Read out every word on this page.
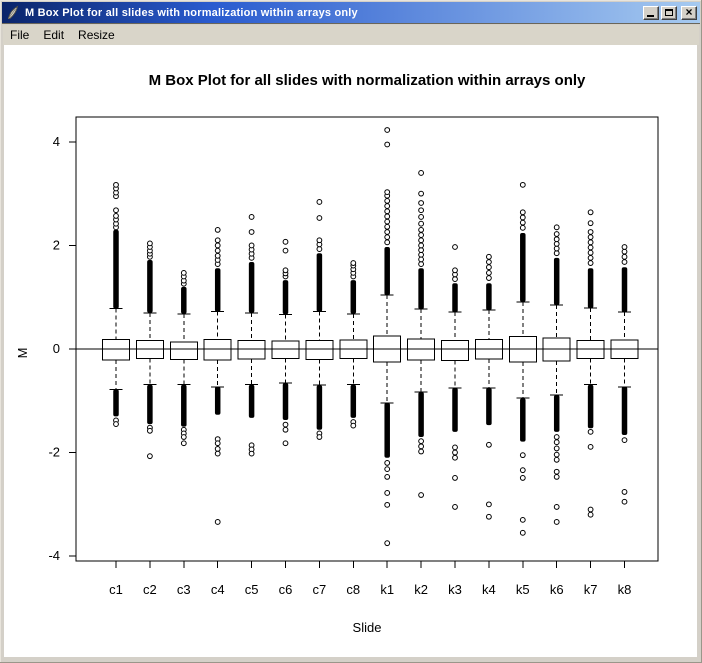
M Box Plot for all slides with normalization within arrays only	×
File	Edit	Resize
M Box Plot for all slides with normalization within arrays only
-4
-2
0
2
4
M
c1 c2 c3 c4 c5 c6 c7 c8 k1 k2 k3 k4 k5 k6 k7 k8
Slide
